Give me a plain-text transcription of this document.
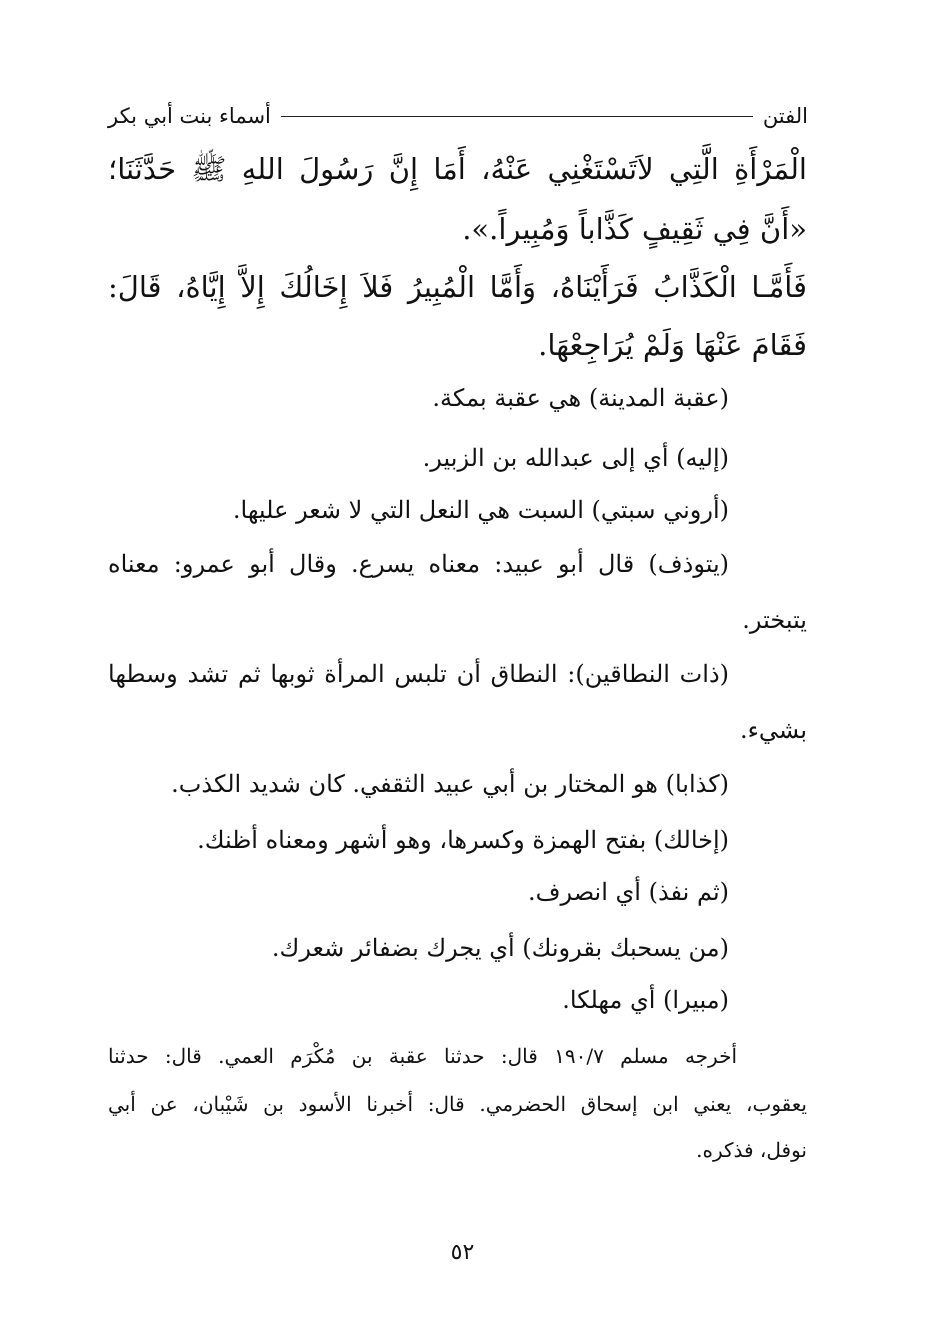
الفتن
أسماء بنت أبي بكر
الْمَرْأَةِ الَّتِي لاَتَسْتَغْنِي عَنْهُ، أَمَا إِنَّ رَسُولَ اللهِ ﷺ حَدَّثَنَا؛
«أَنَّ فِي ثَقِيفٍ كَذَّاباً وَمُبِيراً.».
فَأَمَّـا الْكَذَّابُ فَرَأَيْنَاهُ، وَأَمَّا الْمُبِيرُ فَلاَ إِخَالُكَ إِلاَّ إِيَّاهُ، قَالَ:
فَقَامَ عَنْهَا وَلَمْ يُرَاجِعْهَا.
(عقبة المدينة) هي عقبة بمكة.
(إليه) أي إلى عبدالله بن الزبير.
(أروني سبتي) السبت هي النعل التي لا شعر عليها.
(يتوذف) قال أبو عبيد: معناه يسرع. وقال أبو عمرو: معناه
يتبختر.
(ذات النطاقين): النطاق أن تلبس المرأة ثوبها ثم تشد وسطها
بشيء.
(كذابا) هو المختار بن أبي عبيد الثقفي. كان شديد الكذب.
(إخالك) بفتح الهمزة وكسرها، وهو أشهر ومعناه أظنك.
(ثم نفذ) أي انصرف.
(من يسحبك بقرونك) أي يجرك بضفائر شعرك.
(مبيرا) أي مهلكا.
أخرجه مسلم ١٩٠/٧ قال: حدثنا عقبة بن مُكْرَم العمي. قال: حدثنا
يعقوب، يعني ابن إسحاق الحضرمي. قال: أخبرنا الأسود بن شَيْبان، عن أبي
نوفل، فذكره.
٥٢
